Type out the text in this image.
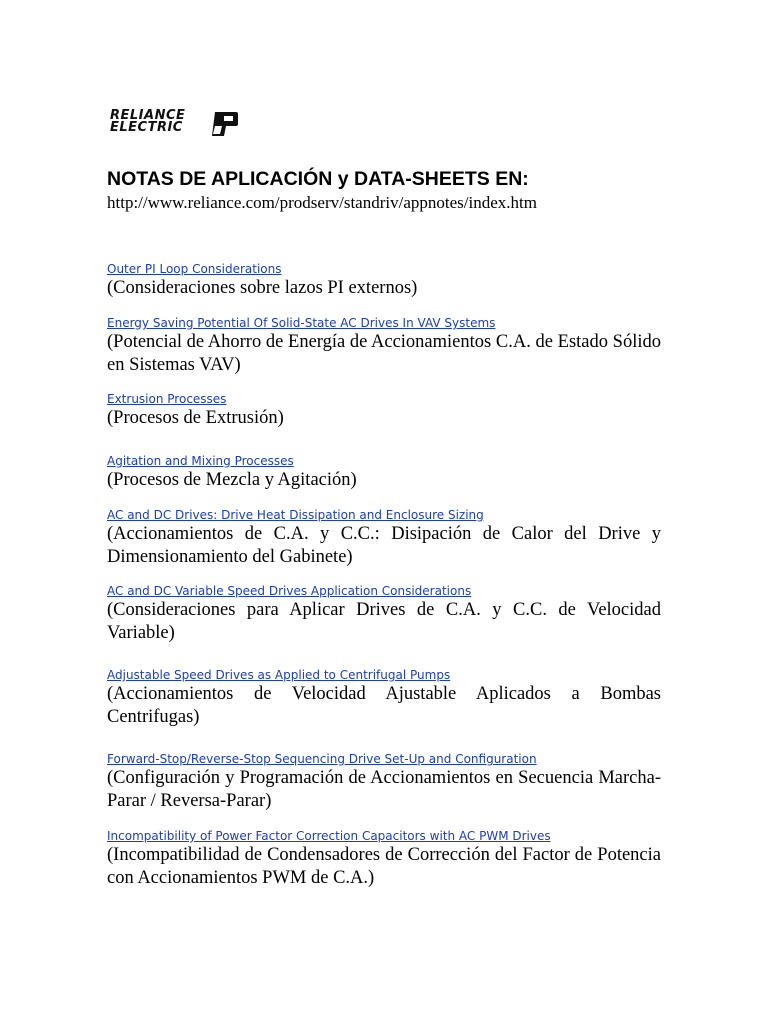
RELIANCE
ELECTRIC
NOTAS DE APLICACIÓN y DATA-SHEETS EN:
http://www.reliance.com/prodserv/standriv/appnotes/index.htm
Outer PI Loop Considerations
(Consideraciones sobre lazos PI externos)
Energy Saving Potential Of Solid-State AC Drives In VAV Systems
(Potencial de Ahorro de Energía de Accionamientos C.A. de Estado Sólido en Sistemas VAV)
Extrusion Processes
(Procesos de Extrusión)
Agitation and Mixing Processes
(Procesos de Mezcla y Agitación)
AC and DC Drives: Drive Heat Dissipation and Enclosure Sizing
(Accionamientos de C.A. y C.C.: Disipación de Calor del Drive y Dimensionamiento del Gabinete)
AC and DC Variable Speed Drives Application Considerations
(Consideraciones para Aplicar Drives de C.A. y C.C. de Velocidad Variable)
Adjustable Speed Drives as Applied to Centrifugal Pumps
(Accionamientos de Velocidad Ajustable Aplicados a Bombas Centrifugas)
Forward-Stop/Reverse-Stop Sequencing Drive Set-Up and Configuration
(Configuración y Programación de Accionamientos en Secuencia Marcha-Parar / Reversa-Parar)
Incompatibility of Power Factor Correction Capacitors with AC PWM Drives
(Incompatibilidad de Condensadores de Corrección del Factor de Potencia con Accionamientos PWM de C.A.)
